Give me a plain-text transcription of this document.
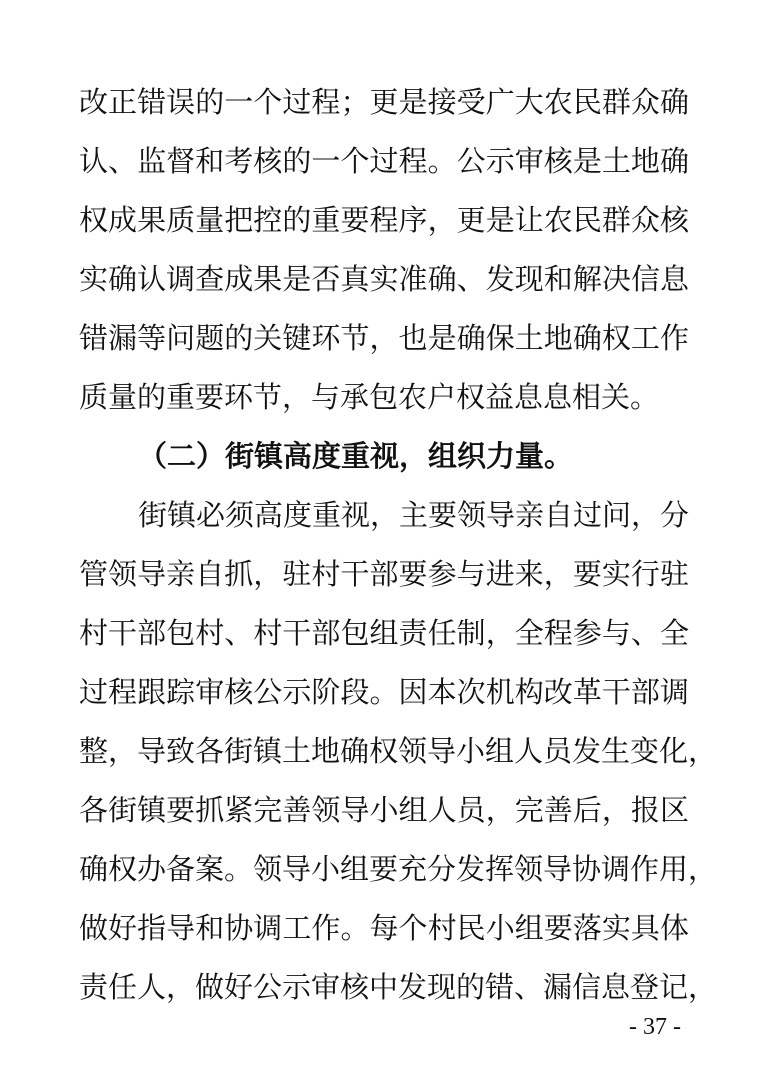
改正错误的一个过程；更是接受广大农民群众确
认、监督和考核的一个过程。公示审核是土地确
权成果质量把控的重要程序，更是让农民群众核
实确认调查成果是否真实准确、发现和解决信息
错漏等问题的关键环节，也是确保土地确权工作
质量的重要环节，与承包农户权益息息相关。
（二）街镇高度重视，组织力量。
街镇必须高度重视，主要领导亲自过问，分
管领导亲自抓，驻村干部要参与进来，要实行驻
村干部包村、村干部包组责任制，全程参与、全
过程跟踪审核公示阶段。因本次机构改革干部调
整，导致各街镇土地确权领导小组人员发生变化，
各街镇要抓紧完善领导小组人员，完善后，报区
确权办备案。领导小组要充分发挥领导协调作用，
做好指导和协调工作。每个村民小组要落实具体
责任人，做好公示审核中发现的错、漏信息登记，
- 37 -
